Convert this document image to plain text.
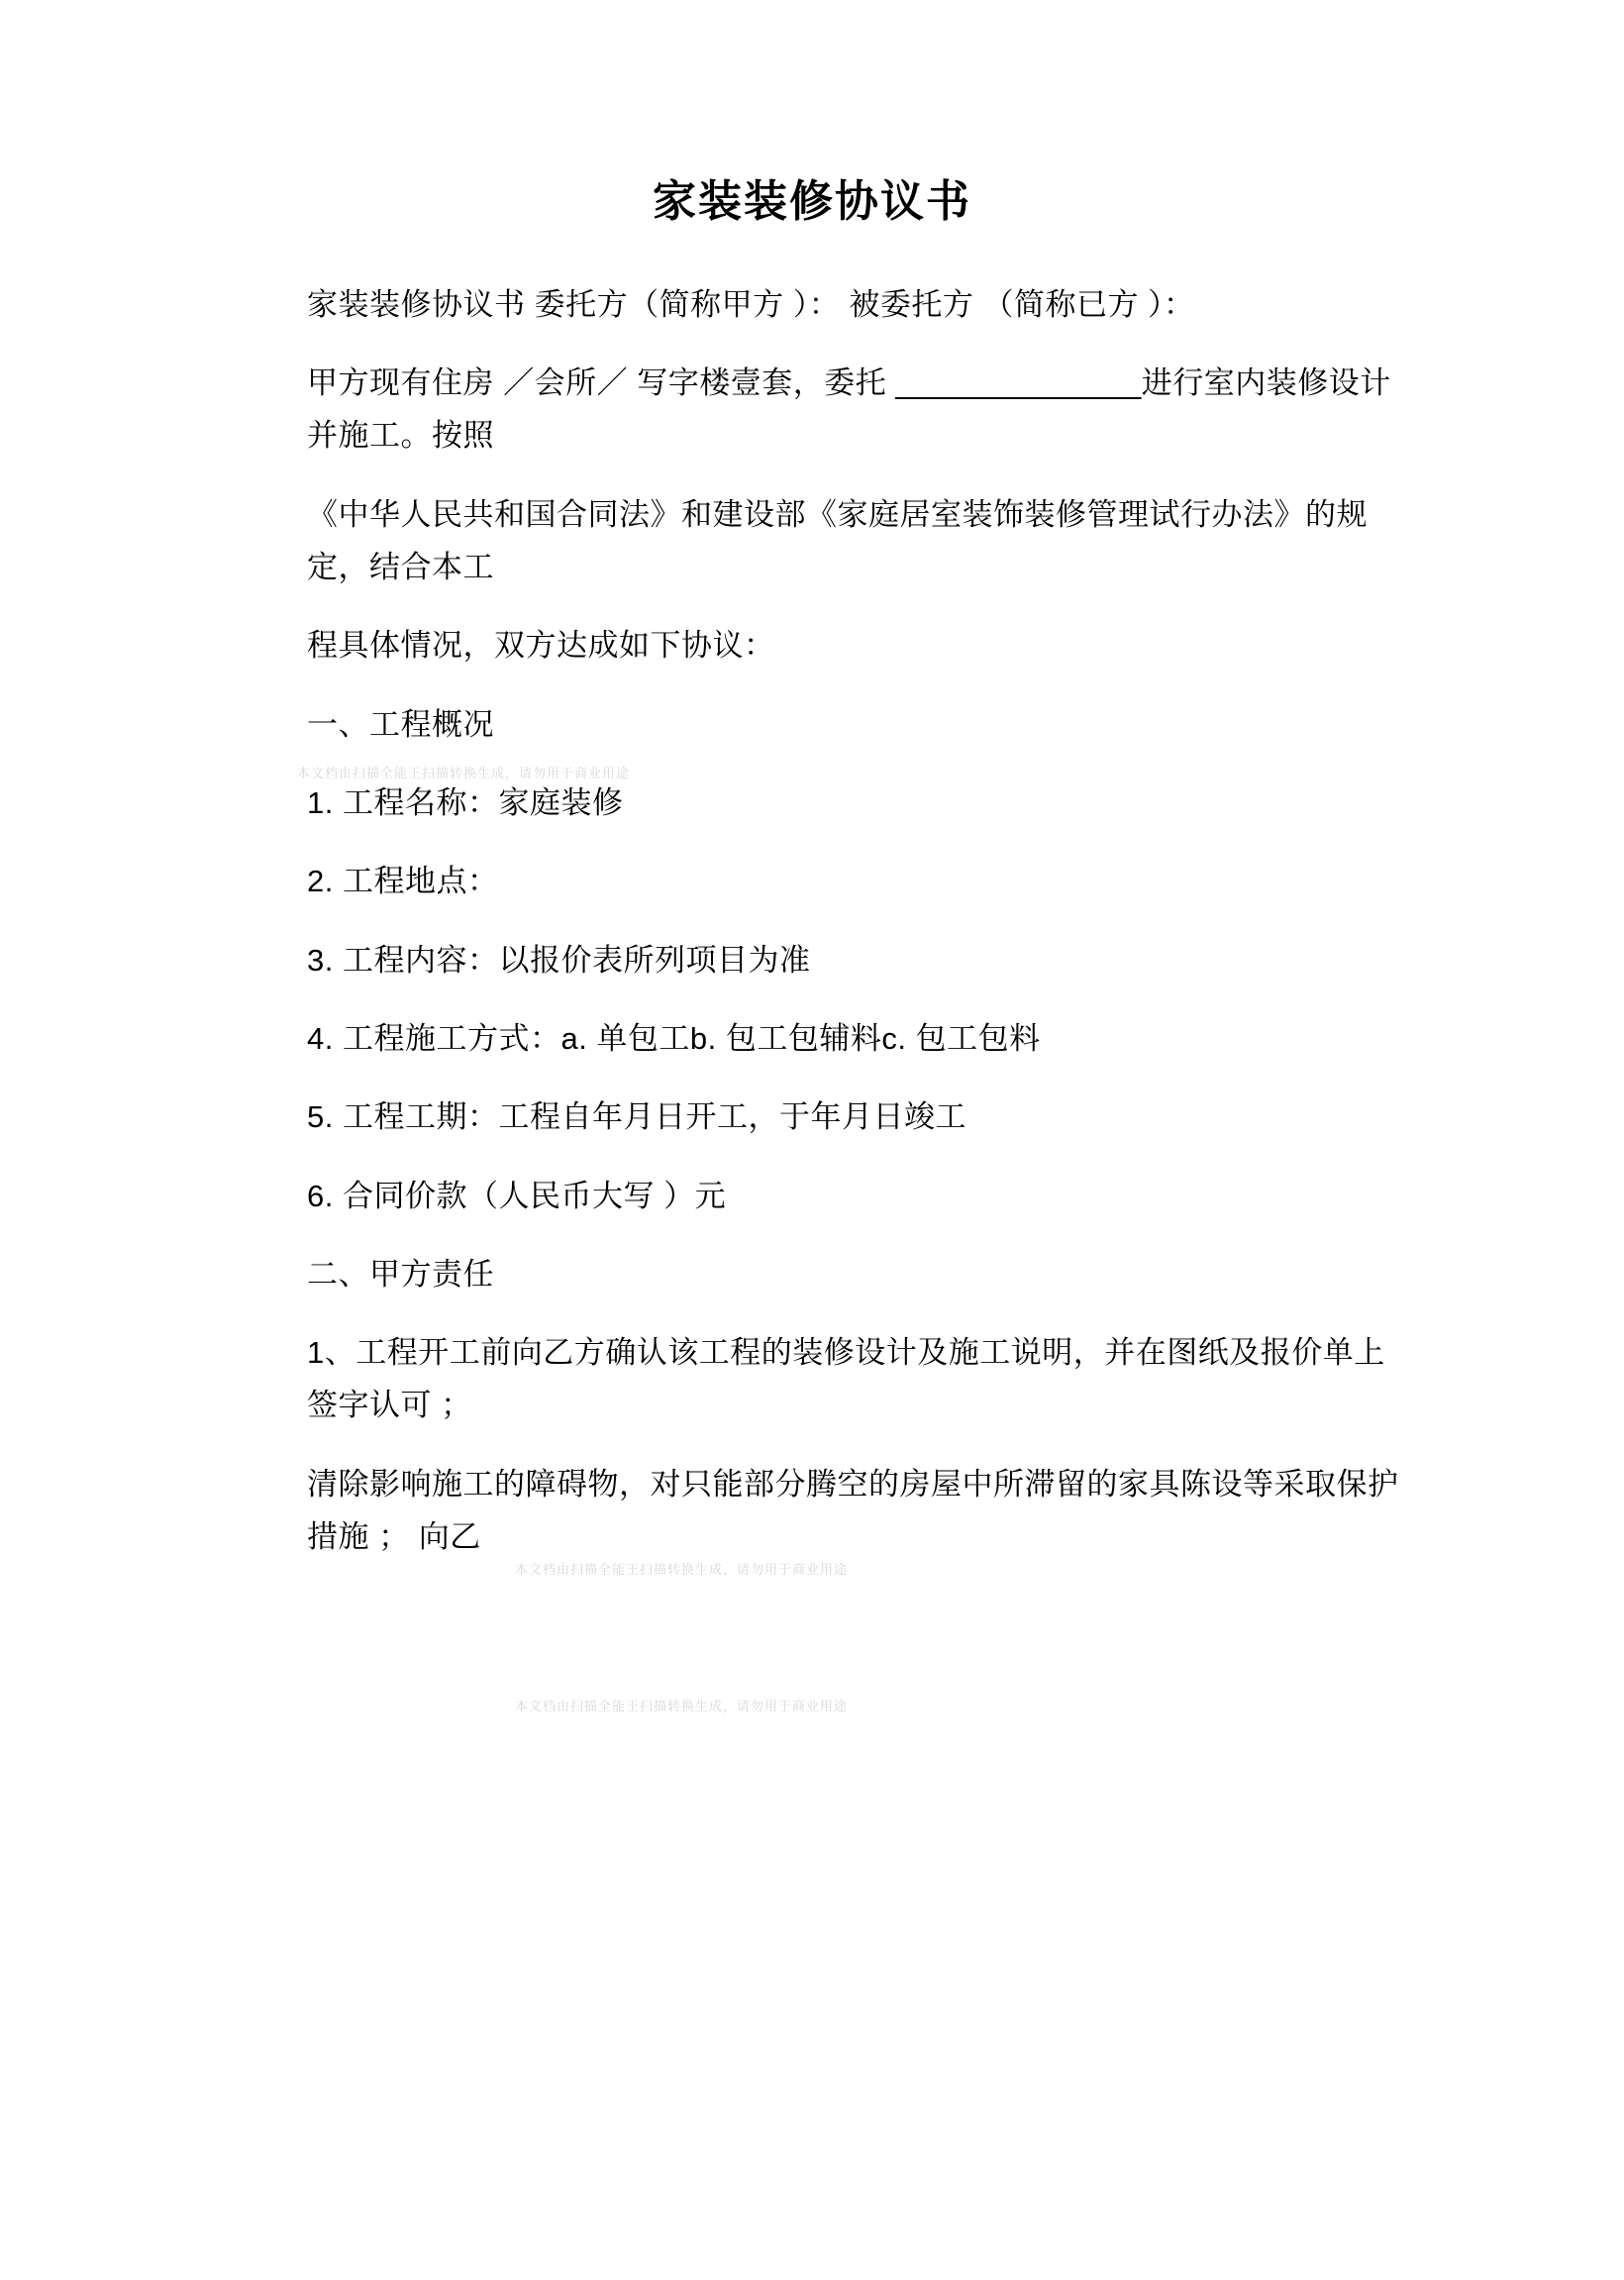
家装装修协议书

家装装修协议书 委托方（简称甲方 ）： 被委托方 （简称已方 ）：

甲方现有住房 ／会所／ 写字楼壹套，委托 ______________进行室内装修设计并施工。按照

《中华人民共和国合同法》和建设部《家庭居室装饰装修管理试行办法》的规定，结合本工

程具体情况，双方达成如下协议：

一、工程概况

1. 工程名称：家庭装修

2. 工程地点：

3. 工程内容：以报价表所列项目为准

4. 工程施工方式：a. 单包工b. 包工包辅料c. 包工包料

5. 工程工期：工程自年月日开工，于年月日竣工

6. 合同价款（人民币大写 ）元

二、甲方责任

1、工程开工前向乙方确认该工程的装修设计及施工说明，并在图纸及报价单上签字认可 ；

清除影响施工的障碍物，对只能部分腾空的房屋中所滞留的家具陈设等采取保护措施 ； 向乙

本文档由扫描全能王扫描转换生成，请勿用于商业用途
本文档由扫描全能王扫描转换生成，请勿用于商业用途
本文档由扫描全能王扫描转换生成，请勿用于商业用途
